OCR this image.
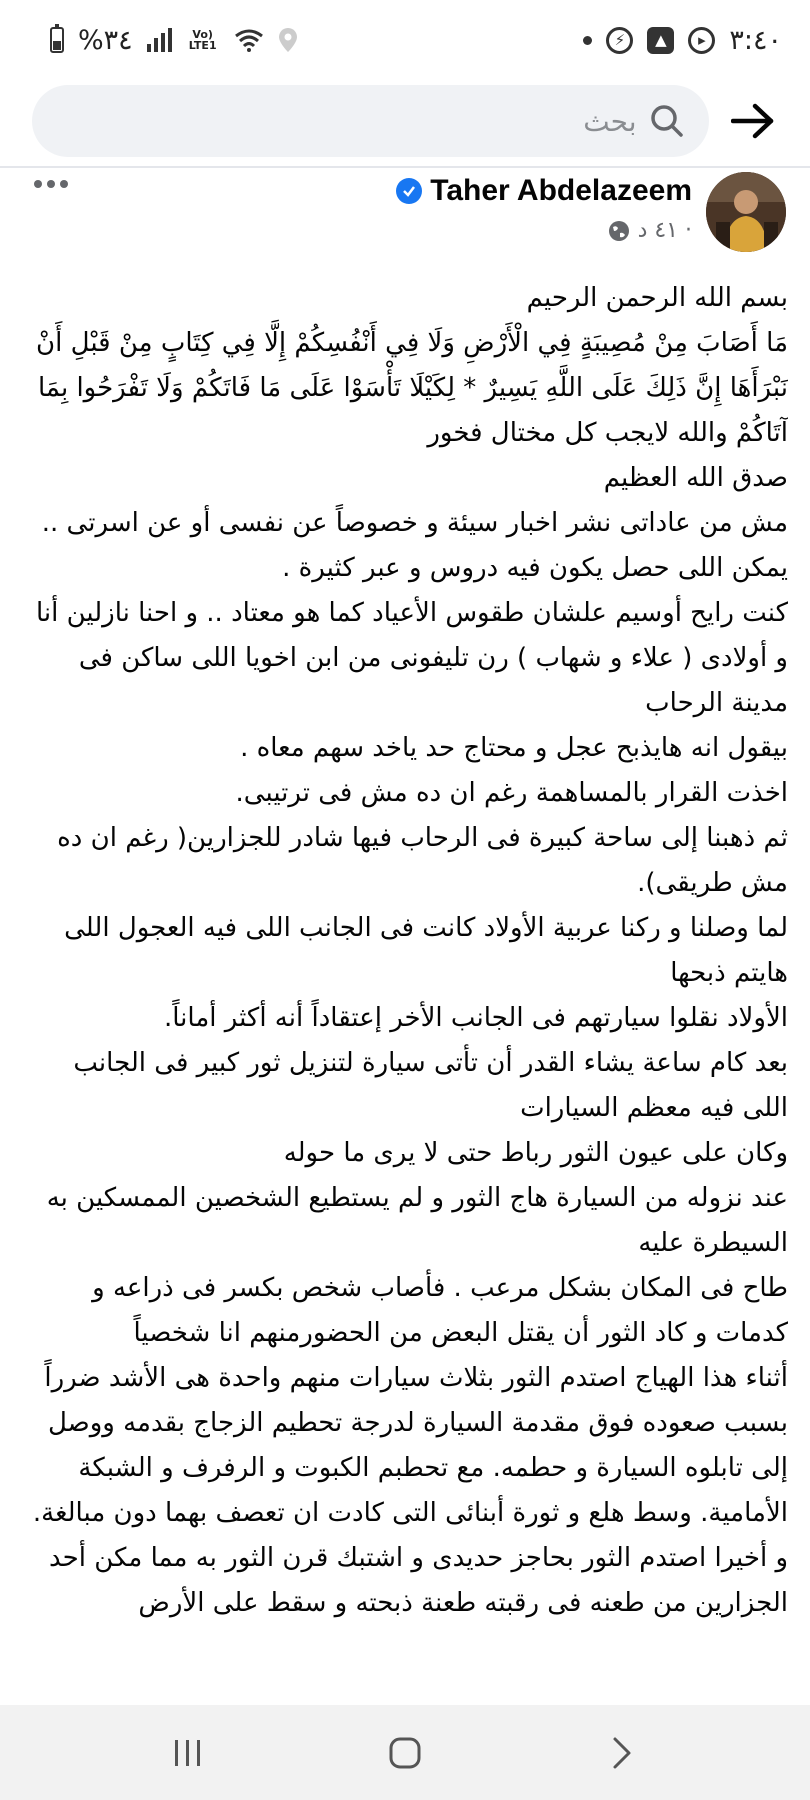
%٣٤	Vo) LTE1	⚡	▲	▸ ٣:٤٠
بحث
Taher Abdelazeem
٤١ د ·

بسم الله الرحمن الرحيم

مَا أَصَابَ مِنْ مُصِيبَةٍ فِي الْأَرْضِ وَلَا فِي أَنْفُسِكُمْ إِلَّا فِي كِتَابٍ مِنْ قَبْلِ أَنْ نَبْرَأَهَا إِنَّ ذَلِكَ عَلَى اللَّهِ يَسِيرٌ * لِكَيْلَا تَأْسَوْا عَلَى مَا فَاتَكُمْ وَلَا تَفْرَحُوا بِمَا آتَاكُمْ والله لايجب كل مختال فخور

صدق الله العظيم

مش من عاداتى نشر اخبار سيئة و خصوصاً عن نفسى أو عن اسرتى .. يمكن اللى حصل يكون فيه دروس و عبر كثيرة .

كنت رايح أوسيم علشان طقوس الأعياد كما هو معتاد .. و احنا نازلين أنا و أولادى ( علاء و شهاب ) رن تليفونى من ابن اخويا اللى ساكن فى مدينة الرحاب

بيقول انه هايذبح عجل و محتاج حد ياخد سهم معاه .

اخذت القرار بالمساهمة رغم ان ده مش فى ترتيبى.

ثم ذهبنا إلى ساحة كبيرة فى الرحاب فيها شادر للجزارين( رغم ان ده مش طريقى).

لما وصلنا و ركنا عربية الأولاد كانت فى الجانب اللى فيه العجول اللى هايتم ذبحها

الأولاد نقلوا سيارتهم فى الجانب الأخر إعتقاداً أنه أكثر أماناً.

بعد كام ساعة يشاء القدر أن تأتى سيارة لتنزيل ثور كبير فى الجانب اللى فيه معظم السيارات

وكان على عيون الثور رباط حتى لا يرى ما حوله

عند نزوله من السيارة هاج الثور و لم يستطيع الشخصين الممسكين به السيطرة عليه

طاح فى المكان بشكل مرعب . فأصاب شخص بكسر فى ذراعه و كدمات و كاد الثور أن يقتل البعض من الحضورمنهم انا شخصياً

أثناء هذا الهياج اصتدم الثور بثلاث سيارات منهم واحدة هى الأشد ضرراً بسبب صعوده فوق مقدمة السيارة لدرجة تحطيم الزجاج بقدمه ووصل إلى تابلوه السيارة و حطمه. مع تحطبم الكبوت و الرفرف و الشبكة الأمامية. وسط هلع و ثورة أبنائى التى كادت ان تعصف بهما دون مبالغة.

و أخيرا اصتدم الثور بحاجز حديدى و اشتبك قرن الثور به مما مكن أحد الجزارين من طعنه فى رقبته طعنة ذبحته و سقط على الأرض
